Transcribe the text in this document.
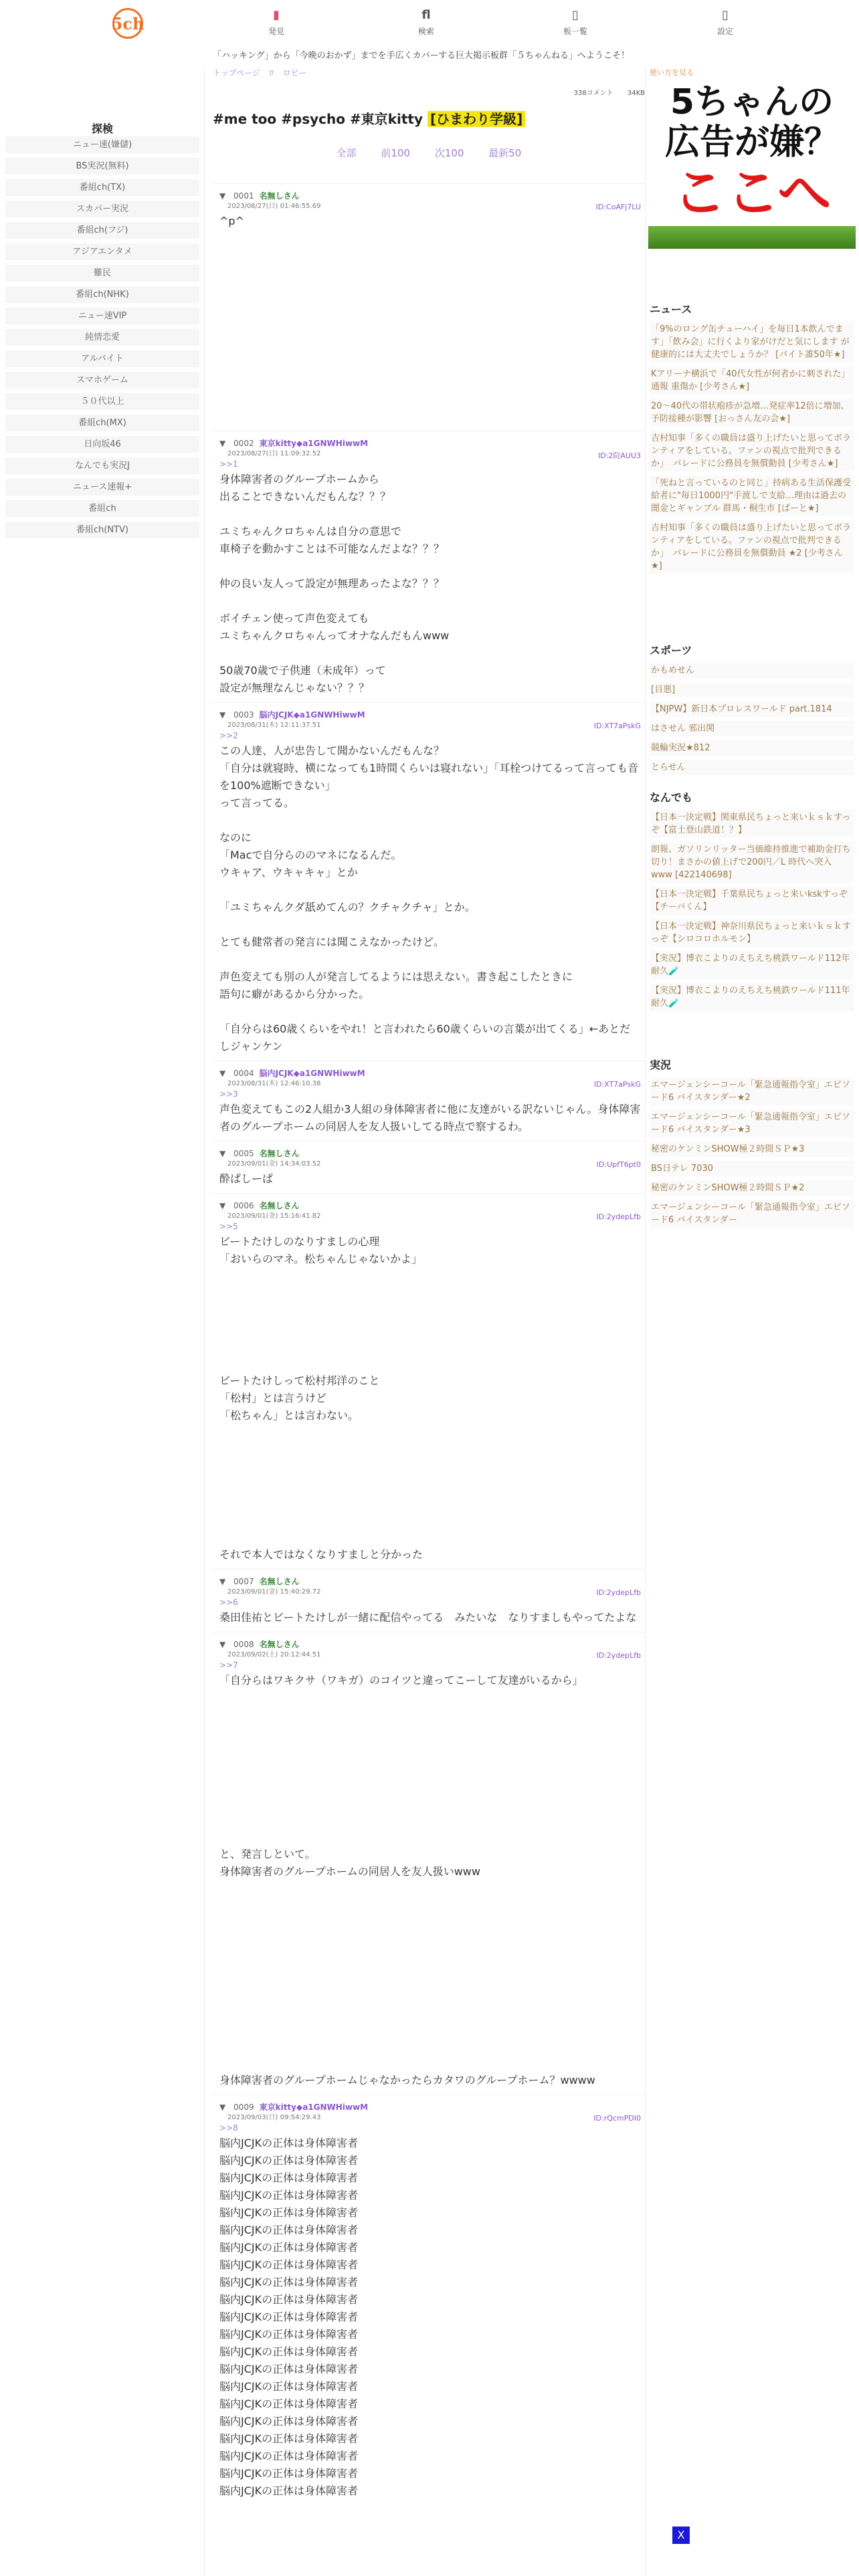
5ch	▮
発見
fl
検索
▯
板一覧
▯
設定
「ハッキング」から「今晩のおかず」までを手広くカバーする巨大掲示板群「５ちゃんねる」へようこそ！
探検
ニュー速(嫌儲)
BS実況(無料)
番組ch(TX)
スカパー実況
番組ch(フジ)
アジアエンタメ
難民
番組ch(NHK)
ニュー速VIP
純情恋愛
アルバイト
スマホゲーム
５０代以上
番組ch(MX)
日向坂46
なんでも実況J
ニュース速報+
番組ch
番組ch(NTV)
トップページ ﾛ ロビー
338コメント 34KB
#me too #psycho #東京kitty [ひまわり学級]
全部 前100 次100 最新50
▼ 0001 名無しさん
2023/08/27(日) 01:46:55.69	ID:CoAFj7LU
^p^
▼ 0002 東京kitty◆a1GNWHiwwM
2023/08/27(日) 11:09:32.52	ID:2院AUU3
>>1
身体障害者のグループホームから
出ることできないんだもんな？？？

ユミちゃんクロちゃんは自分の意思で
車椅子を動かすことは不可能なんだよな？？？

仲の良い友人って設定が無理あったよな？？？

ボイチェン使って声色変えても
ユミちゃんクロちゃんってオナなんだもんwww

50歳70歳で子供連（未成年）って
設定が無理なんじゃない？？？
▼ 0003 脳内JCJK◆a1GNWHiwwM
2023/08/31(木) 12:11:37.51	ID:XT7aPskG
>>2
この人達、人が忠告して聞かないんだもんな？
「自分は就寝時、横になっても1時間くらいは寝れない」「耳栓つけてるって言っても音を100%遮断できない」
って言ってる。

なのに
「Macで自分らののマネになるんだ。
ウキャア、ウキャキャ」とか

「ユミちゃんクダ舐めてんの？クチャクチャ」とか。

とても健常者の発言には聞こえなかったけど。

声色変えても別の人が発言してるようには思えない。書き起こしたときに
語句に癖があるから分かった。

「自分らは60歳くらいをやれ！と言われたら60歳くらいの言葉が出てくる」←あとだしジャンケン
▼ 0004 脳内JCJK◆a1GNWHiwwM
2023/08/31(木) 12:46:10.38	ID:XT7aPskG
>>3
声色変えてもこの2人組か3人組の身体障害者に他に友達がいる訳ないじゃん。身体障害者のグループホームの同居人を友人扱いしてる時点で察するわ。
▼ 0005 名無しさん
2023/09/01(金) 14:34:03.52	ID:UpfT6pt0
酔ぱしーぱ
▼ 0006 名無しさん
2023/09/01(金) 15:16:41.82	ID:2ydepLfb
>>5
ビートたけしのなりすましの心理
「おいらのマネ。松ちゃんじゃないかよ」

ビートたけしって松村邦洋のこと
「松村」とは言うけど
「松ちゃん」とは言わない。

それで本人ではなくなりすましと分かった
▼ 0007 名無しさん
2023/09/01(金) 15:40:29.72	ID:2ydepLfb
>>6
桑田佳祐とビートたけしが一緒に配信やってる　みたいな　なりすましもやってたよな
▼ 0008 名無しさん
2023/09/02(土) 20:12:44.51	ID:2ydepLfb
>>7
「自分らはワキクサ（ワキガ）のコイツと違ってこーして友達がいるから」

と、発言しといて。
身体障害者のグループホームの同居人を友人扱いwww

身体障害者のグループホームじゃなかったらカタワのグループホーム？wwww
▼ 0009 東京kitty◆a1GNWHiwwM
2023/09/03(日) 09:54:29.43	ID:rQcmPDI0
>>8
脳内JCJKの正体は身体障害者
脳内JCJKの正体は身体障害者
脳内JCJKの正体は身体障害者
脳内JCJKの正体は身体障害者
脳内JCJKの正体は身体障害者
脳内JCJKの正体は身体障害者
脳内JCJKの正体は身体障害者
脳内JCJKの正体は身体障害者
脳内JCJKの正体は身体障害者
脳内JCJKの正体は身体障害者
脳内JCJKの正体は身体障害者
脳内JCJKの正体は身体障害者
脳内JCJKの正体は身体障害者
脳内JCJKの正体は身体障害者
脳内JCJKの正体は身体障害者
脳内JCJKの正体は身体障害者
脳内JCJKの正体は身体障害者
脳内JCJKの正体は身体障害者
脳内JCJKの正体は身体障害者
脳内JCJKの正体は身体障害者
脳内JCJKの正体は身体障害者
使い方を見る
5ちゃんの
広告が嫌？
ここへ
ニュース
「9%のロング缶チューハイ」を毎日1本飲んでます」「飲み会」に行くより家がけだと気にします が健康的には大丈夫でしょうか？ [バイト誰50年★]
Kアリーナ横浜で「40代女性が何者かに刺された」通報 重傷か [少考さん★]
20～40代の帯状疱疹が急増…発症率12倍に増加、予防接種が影響 [おっさん友の会★]
吉村知事「多くの職員は盛り上げたいと思ってボランティアをしている。ファンの視点で批判できるか」　パレードに公務員を無償動員 [少考さん★]
「死ねと言っているのと同じ」持病ある生活保護受給者に"毎日1000円"手渡しで支給…理由は過去の闇金とギャンブル 群馬・桐生市 [ぱーと★]
吉村知事「多くの職員は盛り上げたいと思ってボランティアをしている。ファンの視点で批判できるか」　パレードに公務員を無償動員 ★2 [少考さん★]
スポーツ
かもめせん
[目悪]
【NJPW】新日本プロレスワールド part.1814
はさせん 邪出関
競輪実況★812
とらせん
なんでも
【日本一決定戦】関東県民ちょっと来いｋｓｋすっぞ【富士登山鉄道！？】
朗報、ガソリンリッター当価維持推進で補助金打ち切り！まさかの値上げで200円／L 時代へ突入www [422140698]
【日本一決定戦】千葉県民ちょっと来いkskすっぞ【チーバくん】
【日本一決定戦】神奈川県民ちょっと来いｋｓｋすっぞ【シロコロホルモン】
【実況】博衣こよりのえちえち桃鉄ワールド112年耐久🧪
【実況】博衣こよりのえちえち桃鉄ワールド111年耐久🧪
実況
エマージェンシーコール「緊急通報指令室」エピソード6 バイスタンダー★2
エマージェンシーコール「緊急通報指令室」エピソード6 バイスタンダー★3
秘密のケンミンSHOW極２時間ＳＰ★3
BS日テレ 7030
秘密のケンミンSHOW極２時間ＳＰ★2
エマージェンシーコール「緊急通報指令室」エピソード6 バイスタンダー
X
